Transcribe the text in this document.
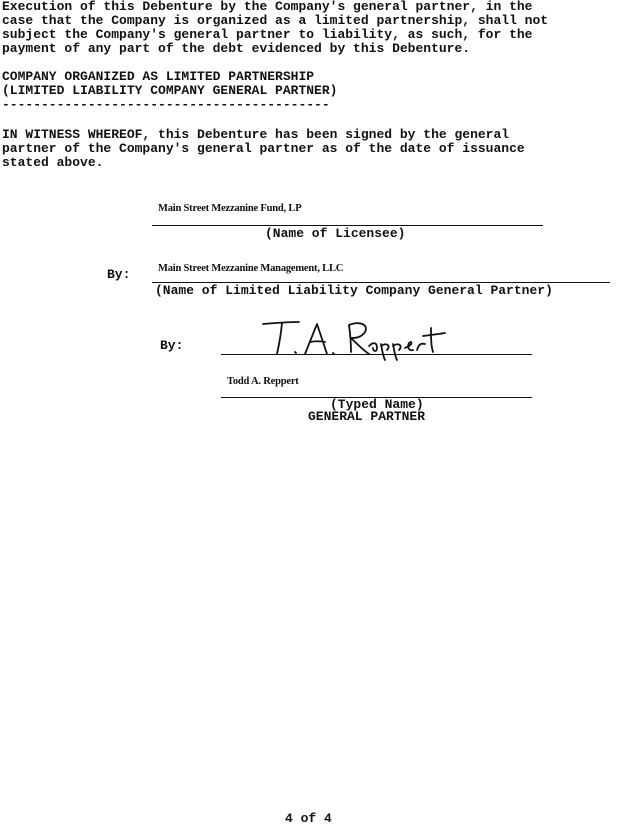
Execution of this Debenture by the Company's general partner, in the
case that the Company is organized as a limited partnership, shall not
subject the Company's general partner to liability, as such, for the
payment of any part of the debt evidenced by this Debenture.
COMPANY ORGANIZED AS LIMITED PARTNERSHIP
(LIMITED LIABILITY COMPANY GENERAL PARTNER)
------------------------------------------
IN WITNESS WHEREOF, this Debenture has been signed by the general
partner of the Company's general partner as of the date of issuance
stated above.
Main Street Mezzanine Fund, LP
(Name of Licensee)
By:	Main Street Mezzanine Management, LLC
(Name of Limited Liability Company General Partner)
By:
Todd A. Reppert
(Typed Name)
GENERAL PARTNER
4 of 4
